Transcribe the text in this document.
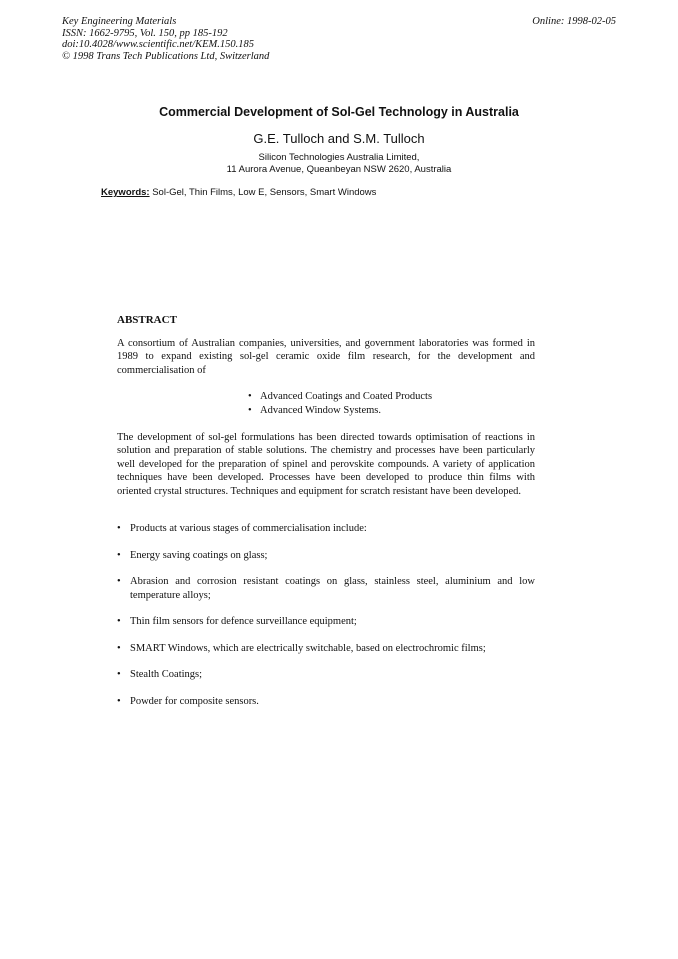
Key Engineering Materials
ISSN: 1662-9795, Vol. 150, pp 185-192
doi:10.4028/www.scientific.net/KEM.150.185
© 1998 Trans Tech Publications Ltd, Switzerland
Online: 1998-02-05
Commercial Development of Sol-Gel Technology in Australia
G.E. Tulloch and S.M. Tulloch
Silicon Technologies Australia Limited,
11 Aurora Avenue, Queanbeyan NSW 2620, Australia
Keywords: Sol-Gel, Thin Films, Low E, Sensors, Smart Windows
ABSTRACT
A consortium of Australian companies, universities, and government laboratories was formed in 1989 to expand existing sol-gel ceramic oxide film research, for the development and commercialisation of
• Advanced Coatings and Coated Products
• Advanced Window Systems.
The development of sol-gel formulations has been directed towards optimisation of reactions in solution and preparation of stable solutions. The chemistry and processes have been particularly well developed for the preparation of spinel and perovskite compounds. A variety of application techniques have been developed. Processes have been developed to produce thin films with oriented crystal structures. Techniques and equipment for scratch resistant have been developed.
• Products at various stages of commercialisation include:
• Energy saving coatings on glass;
• Abrasion and corrosion resistant coatings on glass, stainless steel, aluminium and low temperature alloys;
• Thin film sensors for defence surveillance equipment;
• SMART Windows, which are electrically switchable, based on electrochromic films;
• Stealth Coatings;
• Powder for composite sensors.
